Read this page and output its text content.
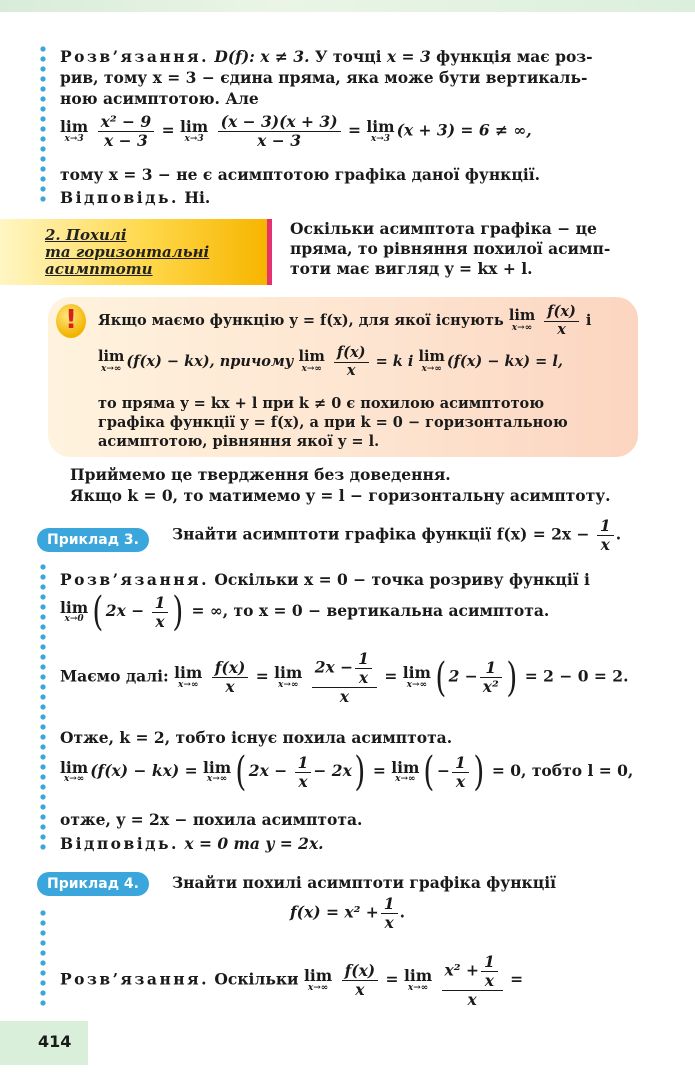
Розв’язання. D(f): x ≠ 3. У точці x = 3 функція має роз-
рив, тому x = 3 − єдина пряма, яка може бути вертикаль-
ною асимптотою. Але
lim
x→3
$\frac{\text{x² − 9}}{x - 3} = \lim$
x→3
$\frac{(x - 3)(x + 3)}{x - 3} = \lim$
x→3 (x + 3) = 6 ≠ ∞,
тому x = 3 − не є асимптотою графіка даної функції.
Відповідь. Ні.
2. Похилі
та горизонтальні
асимптоти
Оскільки асимптота графіка − це
пряма, то рівняння похилої асимп-
тоти має вигляд y = kx + l.
!	Якщо маємо функцію y = f(x), для якої існують lim
x→∞
$\frac{f(x)}{x}$ і
lim
x→∞ (f(x) − kx), причому lim
x→∞
$\frac{f(x)}{x} = k$ і lim
x→∞ (f(x) − kx) = l,
то пряма y = kx + l при k ≠ 0 є похилою асимптотою
графіка функції y = f(x), а при k = 0 − горизонтальною
асимптотою, рівняння якої y = l.
Приймемо це твердження без доведення.
Якщо k = 0, то матимемо y = l − горизонтальну асимптоту.
Приклад 3.	Знайти асимптоти графіка функції $f(x) = 2x - \frac{1}{x}$ .
Розв’язання. Оскільки x = 0 − точка розриву функції і
lim
x→0 ( $2x - \frac{1}{x}$ ) = ∞, то x = 0 − вертикальна асимптота.
Маємо далі: lim
x→∞
$\frac{f(x)}{x} = \lim$
x→∞
$\frac{2x - \frac{1}{x}}{x} = \lim$
x→∞ ( $2 - \frac{1}{\text{x²}}$ ) = 2 − 0 = 2.
Отже, k = 2, тобто існує похила асимптота.
lim
x→∞ (f(x) − kx) = lim
x→∞ ( $2x - \frac{1}{x} - 2x) = \lim$
x→∞ ( − $\frac{1}{x}$ ) = 0, тобто l = 0,
отже, y = 2x − похила асимптота.
Відповідь. x = 0 та y = 2x.
Приклад 4.	Знайти похилі асимптоти графіка функції
$f(x) = x^2 + \frac{1}{x}$ .
Розв’язання. Оскільки lim
x→∞
$\frac{f(x)}{x} = \lim$
x→∞
$\frac{x^2 + \frac{1}{x}}{x}$ =
414
